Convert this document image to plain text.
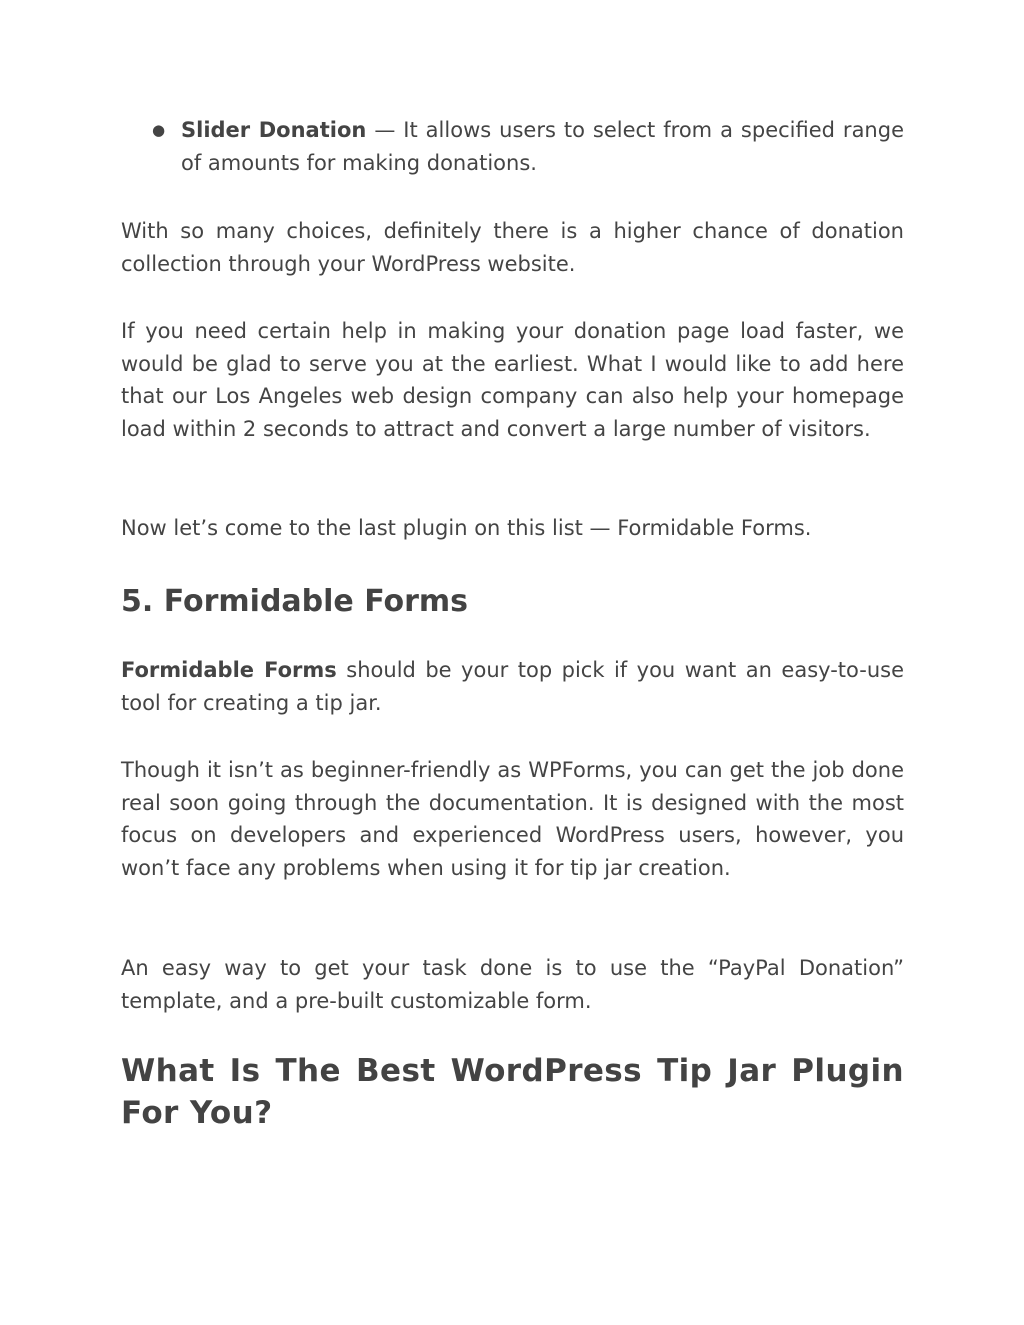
● Slider Donation — It allows users to select from a specified range of amounts for making donations.

With so many choices, definitely there is a higher chance of donation collection through your WordPress website.

If you need certain help in making your donation page load faster, we would be glad to serve you at the earliest. What I would like to add here that our Los Angeles web design company can also help your homepage load within 2 seconds to attract and convert a large number of visitors.

Now let’s come to the last plugin on this list — Formidable Forms.

5. Formidable Forms

Formidable Forms should be your top pick if you want an easy-to-use tool for creating a tip jar.

Though it isn’t as beginner-friendly as WPForms, you can get the job done real soon going through the documentation. It is designed with the most focus on developers and experienced WordPress users, however, you won’t face any problems when using it for tip jar creation.

An easy way to get your task done is to use the “PayPal Donation” template, and a pre-built customizable form.

What Is The Best WordPress Tip Jar Plugin For You?
